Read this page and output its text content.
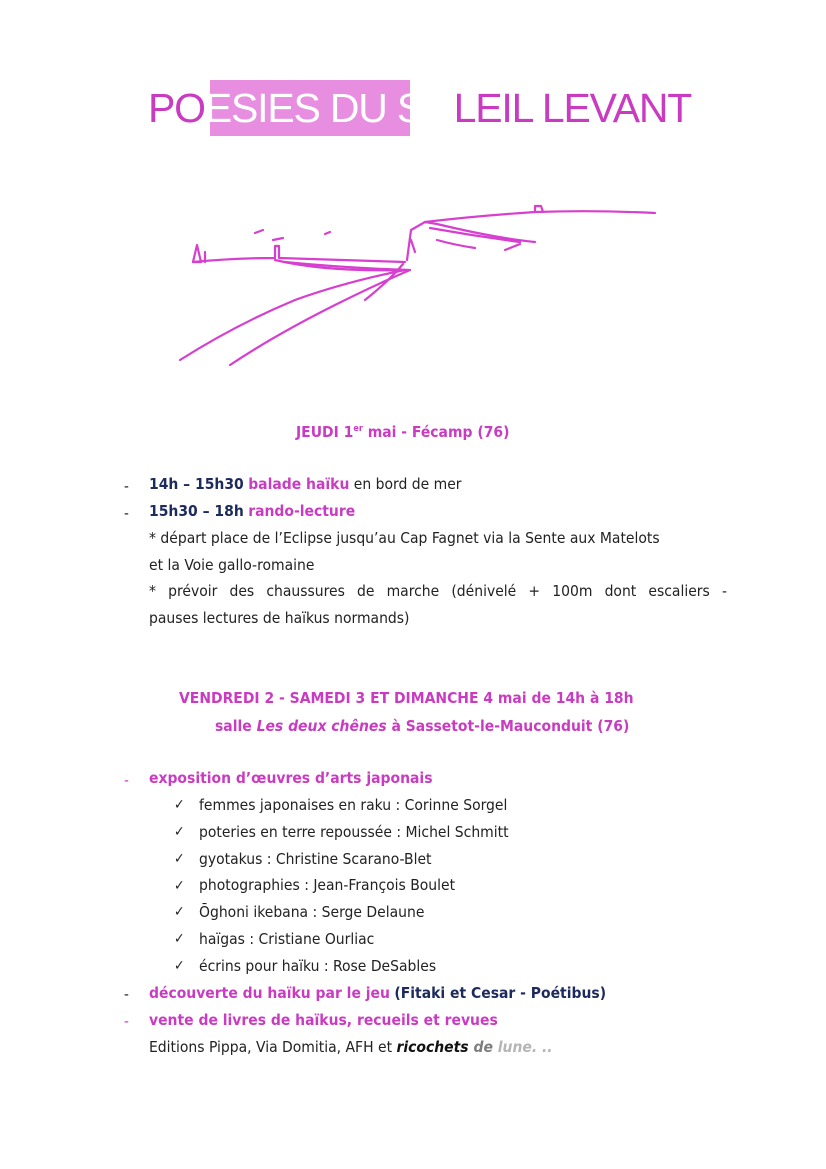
POESIES DU SOLEIL LEVANT
JEUDI 1er mai - Fécamp (76)
- 14h – 15h30 balade haïku en bord de mer
- 15h30 – 18h rando-lecture
* départ place de l’Eclipse jusqu’au Cap Fagnet via la Sente aux Matelots
et la Voie gallo-romaine
* prévoir des chaussures de marche (dénivelé + 100m dont escaliers -
pauses lectures de haïkus normands)
VENDREDI 2 - SAMEDI 3 ET DIMANCHE 4 mai de 14h à 18h
salle Les deux chênes à Sassetot-le-Mauconduit (76)
- exposition d’œuvres d’arts japonais
✓ femmes japonaises en raku : Corinne Sorgel
✓ poteries en terre repoussée : Michel Schmitt
✓ gyotakus : Christine Scarano-Blet
✓ photographies : Jean-François Boulet
✓ Ōghoni ikebana : Serge Delaune
✓ haïgas : Cristiane Ourliac
✓ écrins pour haïku : Rose DeSables
- découverte du haïku par le jeu (Fitaki et Cesar - Poétibus)
- vente de livres de haïkus, recueils et revues
Editions Pippa, Via Domitia, AFH et ricochets de lune. ..
